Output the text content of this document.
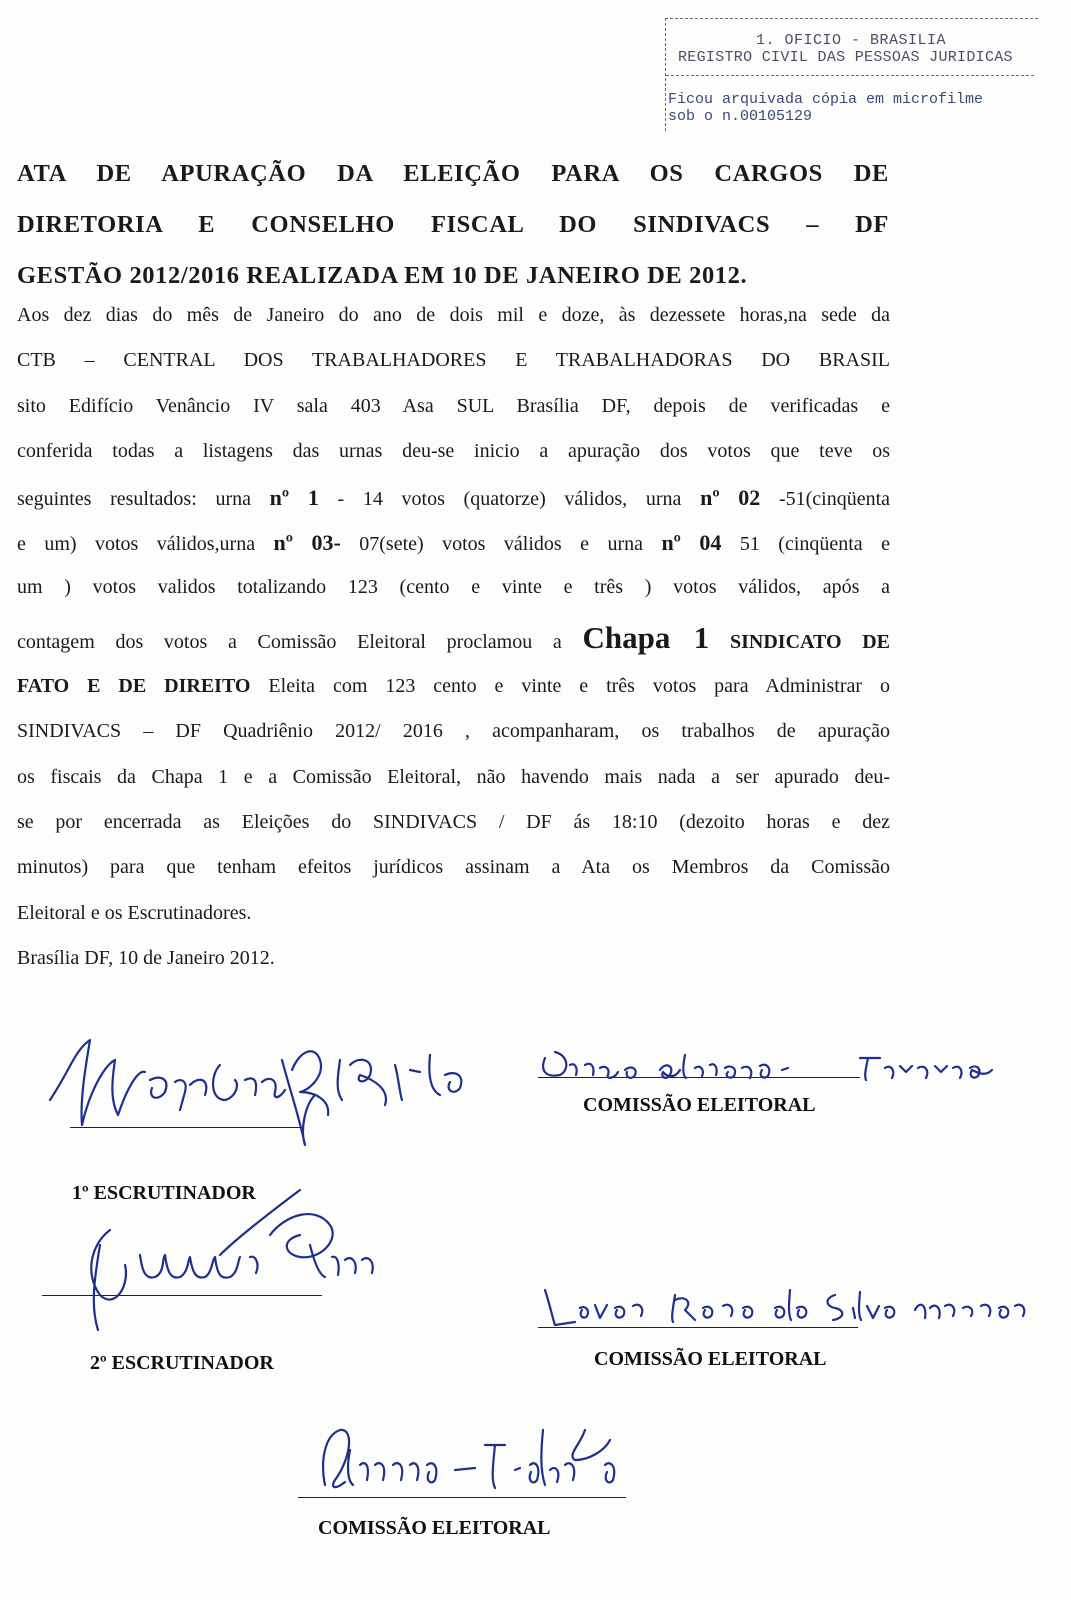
1. OFICIO - BRASILIA
REGISTRO CIVIL DAS PESSOAS JURIDICAS
Ficou arquivada cópia em microfilme
sob o n.00105129
ATA DE APURAÇÃO DA ELEIÇÃO PARA OS CARGOS DE
DIRETORIA E CONSELHO FISCAL DO SINDIVACS – DF
GESTÃO 2012/2016 REALIZADA EM 10 DE JANEIRO DE 2012.
Aos dez dias do mês de Janeiro do ano de dois mil e doze, às dezessete horas,na sede da
CTB – CENTRAL DOS TRABALHADORES E TRABALHADORAS DO BRASIL
sito Edifício Venâncio IV sala 403 Asa SUL Brasília DF, depois de verificadas e
conferida todas a listagens das urnas deu-se inicio a apuração dos votos que teve os
seguintes resultados: urna nº 1 - 14 votos (quatorze) válidos, urna nº 02 -51(cinqüenta
e um) votos válidos,urna nº 03- 07(sete) votos válidos e urna nº 04 51 (cinqüenta e
um ) votos validos totalizando 123 (cento e vinte e três ) votos válidos, após a
contagem dos votos a Comissão Eleitoral proclamou a Chapa 1 SINDICATO DE
FATO E DE DIREITO Eleita com 123 cento e vinte e três votos para Administrar o
SINDIVACS – DF Quadriênio 2012/ 2016 , acompanharam, os trabalhos de apuração
os fiscais da Chapa 1 e a Comissão Eleitoral, não havendo mais nada a ser apurado deu-
se por encerrada as Eleições do SINDIVACS / DF ás 18:10 (dezoito horas e dez
minutos) para que tenham efeitos jurídicos assinam a Ata os Membros da Comissão
Eleitoral e os Escrutinadores.
Brasília DF, 10 de Janeiro 2012.
1º ESCRUTINADOR
COMISSÃO ELEITORAL
2º ESCRUTINADOR	COMISSÃO ELEITORAL
COMISSÃO ELEITORAL
